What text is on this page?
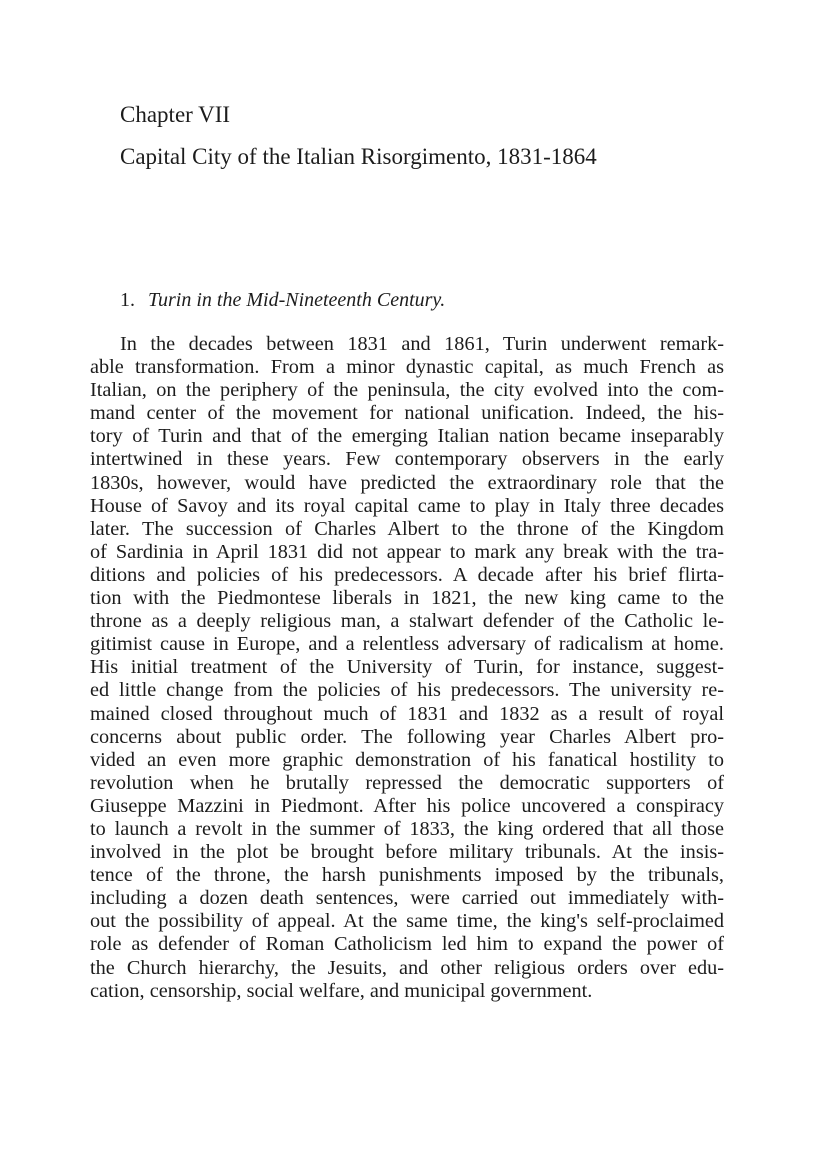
Chapter VII
Capital City of the Italian Risorgimento, 1831-1864
1. Turin in the Mid-Nineteenth Century.
In the decades between 1831 and 1861, Turin underwent remark-
able transformation. From a minor dynastic capital, as much French as
Italian, on the periphery of the peninsula, the city evolved into the com-
mand center of the movement for national unification. Indeed, the his-
tory of Turin and that of the emerging Italian nation became inseparably
intertwined in these years. Few contemporary observers in the early
1830s, however, would have predicted the extraordinary role that the
House of Savoy and its royal capital came to play in Italy three decades
later. The succession of Charles Albert to the throne of the Kingdom
of Sardinia in April 1831 did not appear to mark any break with the tra-
ditions and policies of his predecessors. A decade after his brief flirta-
tion with the Piedmontese liberals in 1821, the new king came to the
throne as a deeply religious man, a stalwart defender of the Catholic le-
gitimist cause in Europe, and a relentless adversary of radicalism at home.
His initial treatment of the University of Turin, for instance, suggest-
ed little change from the policies of his predecessors. The university re-
mained closed throughout much of 1831 and 1832 as a result of royal
concerns about public order. The following year Charles Albert pro-
vided an even more graphic demonstration of his fanatical hostility to
revolution when he brutally repressed the democratic supporters of
Giuseppe Mazzini in Piedmont. After his police uncovered a conspiracy
to launch a revolt in the summer of 1833, the king ordered that all those
involved in the plot be brought before military tribunals. At the insis-
tence of the throne, the harsh punishments imposed by the tribunals,
including a dozen death sentences, were carried out immediately with-
out the possibility of appeal. At the same time, the king's self-proclaimed
role as defender of Roman Catholicism led him to expand the power of
the Church hierarchy, the Jesuits, and other religious orders over edu-
cation, censorship, social welfare, and municipal government.
